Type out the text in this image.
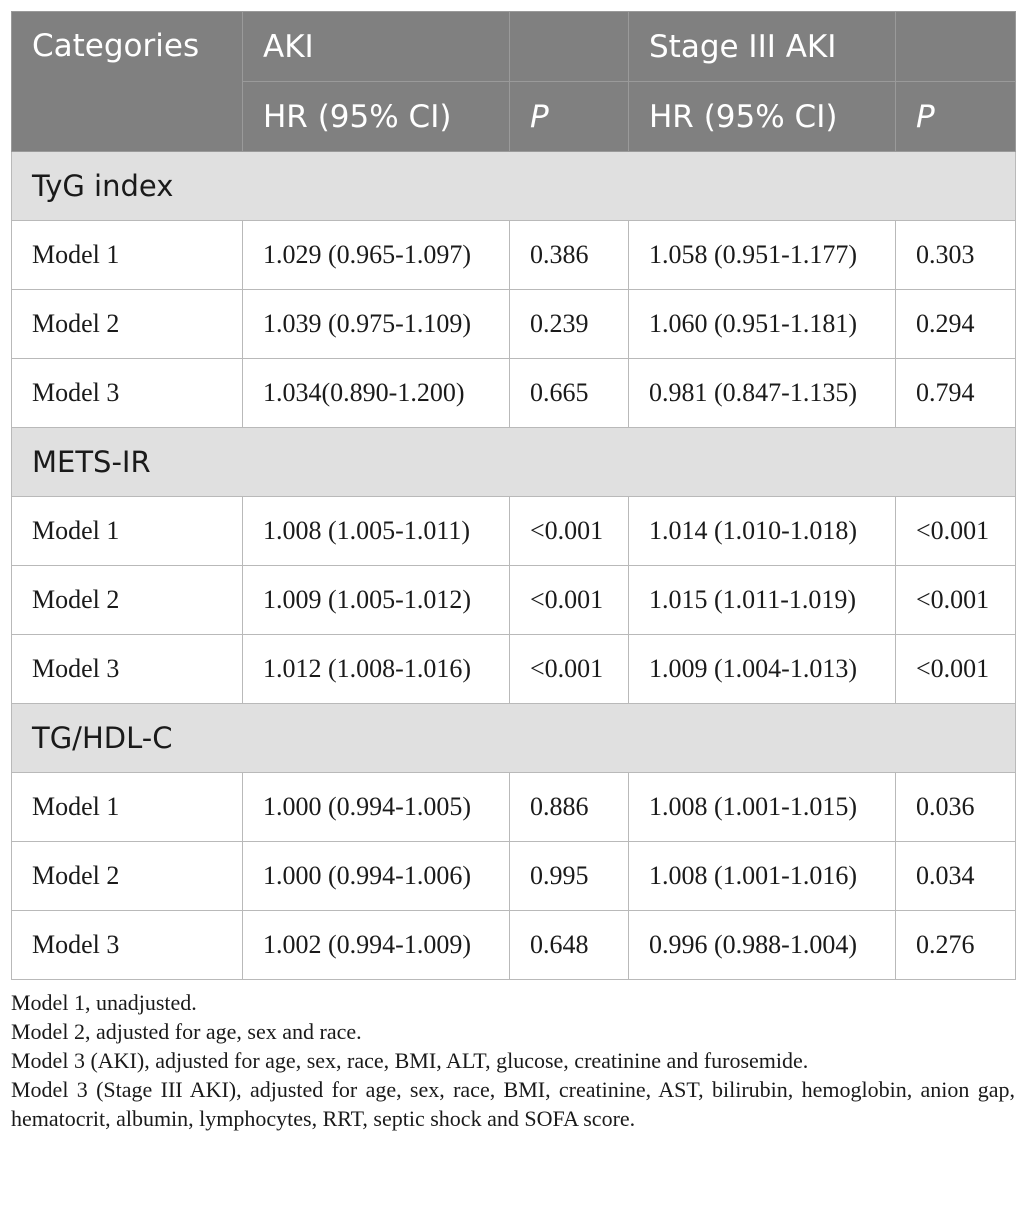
Categories	AKI		Stage III AKI	
	HR (95% CI)	P	HR (95% CI)	P
TyG index				
Model 1	1.029 (0.965-1.097)	0.386	1.058 (0.951-1.177)	0.303
Model 2	1.039 (0.975-1.109)	0.239	1.060 (0.951-1.181)	0.294
Model 3	1.034(0.890-1.200)	0.665	0.981 (0.847-1.135)	0.794
METS-IR				
Model 1	1.008 (1.005-1.011)	<0.001	1.014 (1.010-1.018)	<0.001
Model 2	1.009 (1.005-1.012)	<0.001	1.015 (1.011-1.019)	<0.001
Model 3	1.012 (1.008-1.016)	<0.001	1.009 (1.004-1.013)	<0.001
TG/HDL-C				
Model 1	1.000 (0.994-1.005)	0.886	1.008 (1.001-1.015)	0.036
Model 2	1.000 (0.994-1.006)	0.995	1.008 (1.001-1.016)	0.034
Model 3	1.002 (0.994-1.009)	0.648	0.996 (0.988-1.004)	0.276
Model 1, unadjusted.
Model 2, adjusted for age, sex and race.
Model 3 (AKI), adjusted for age, sex, race, BMI, ALT, glucose, creatinine and furosemide.
Model 3 (Stage III AKI), adjusted for age, sex, race, BMI, creatinine, AST, bilirubin, hemoglobin, anion gap, hematocrit, albumin, lymphocytes, RRT, septic shock and SOFA score.
